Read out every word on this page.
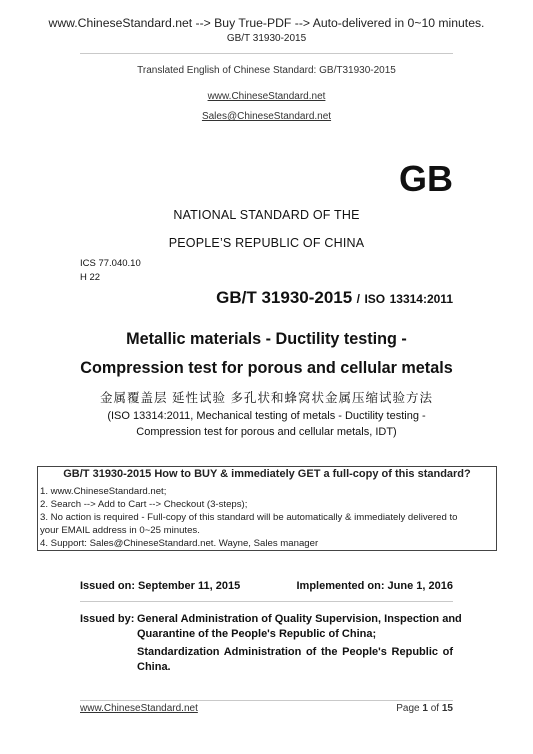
www.ChineseStandard.net --> Buy True-PDF --> Auto-delivered in 0~10 minutes.
GB/T 31930-2015
Translated English of Chinese Standard: GB/T31930-2015
www.ChineseStandard.net
Sales@ChineseStandard.net
GB
NATIONAL STANDARD OF THE
PEOPLE’S REPUBLIC OF CHINA
ICS 77.040.10
H 22
GB/T 31930-2015 / ISO 13314:2011
Metallic materials - Ductility testing -
Compression test for porous and cellular metals
金属覆盖层 延性试验 多孔状和蜂窝状金属压缩试验方法
(ISO 13314:2011, Mechanical testing of metals - Ductility testing -
Compression test for porous and cellular metals, IDT)
GB/T 31930-2015 How to BUY & immediately GET a full-copy of this standard?
1. www.ChineseStandard.net;
2. Search --> Add to Cart --> Checkout (3-steps);
3. No action is required - Full-copy of this standard will be automatically & immediately delivered to
your EMAIL address in 0~25 minutes.
4. Support: Sales@ChineseStandard.net. Wayne, Sales manager
Issued on: September 11, 2015	Implemented on: June 1, 2016
Issued by: General Administration of Quality Supervision, Inspection and
Quarantine of the People's Republic of China;
Standardization Administration of the People's Republic of
China.
www.ChineseStandard.net	Page 1 of 15
